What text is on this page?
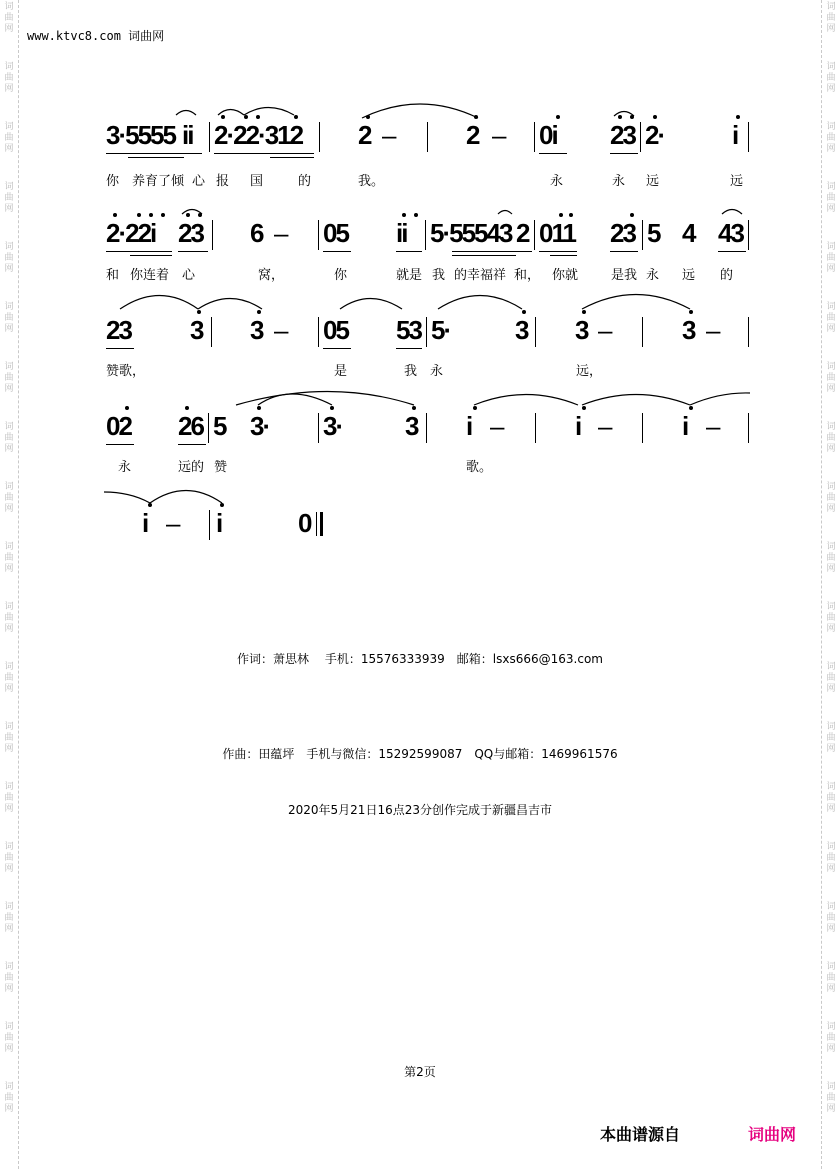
词
曲
网
词
曲
网
词
曲
网
词
曲
网
词
曲
网
词
曲
网
词
曲
网
词
曲
网
词
曲
网
词
曲
网
词
曲
网
词
曲
网
词
曲
网
词
曲
网
词
曲
网
词
曲
网
词
曲
网
词
曲
网
词
曲
网
词
曲
网
词
曲
网
词
曲
网
词
曲
网
词
曲
网
词
曲
网
词
曲
网
词
曲
网
词
曲
网
词
曲
网
词
曲
网
词
曲
网
词
曲
网
词
曲
网
词
曲
网
词
曲
网
词
曲
网
词
曲
网
词
曲
网
www.ktvc8.com 词曲网
3·5555 ii 2·22·312 2 –	2 – 0i 23 2·	i
你 养育了倾 心 报 国	的	我。	永	永 远	远
2·22i 23 6 – 05 ii 5·55543 2 011 23 5 4 43
和 你连着 心	窝，	你	就是 我 的幸福祥 和， 你就	是我 永 远 的
23 3 3 – 05 53 5· 3 3 –	3 –
赞歌，	是	我 永	远，
02 26 5 3· 3· 3 i –	i –	i –
永	远的 赞	歌。
i – i	0
作词：萧思林　 手机：15576333939　邮箱：lsxs666@163.com
作曲：田蕴坪　手机与微信：15292599087　QQ与邮箱：1469961576
2020年5月21日16点23分创作完成于新疆昌吉市
第2页
本曲谱源自	词曲网
